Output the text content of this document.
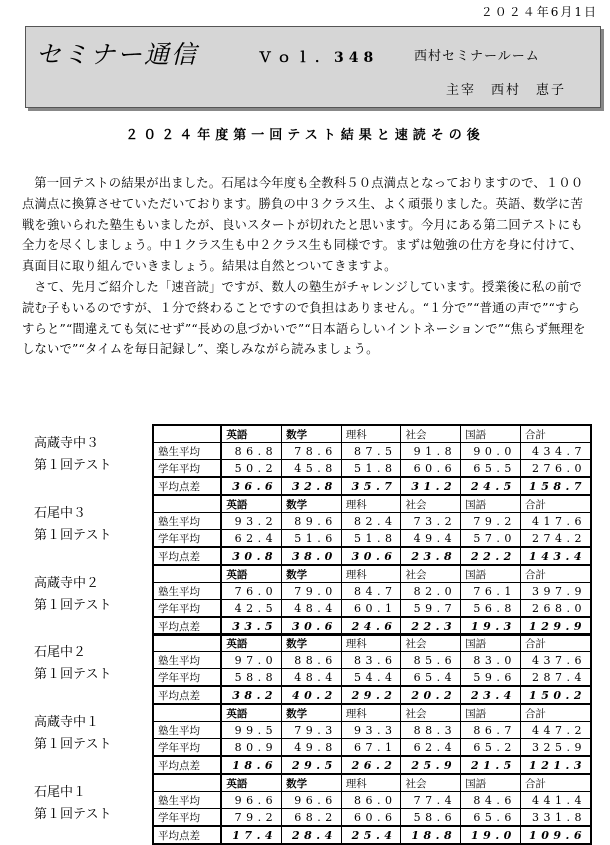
２０２４年6月1日
セミナー通信	Ｖｏｌ．348	西村セミナールーム
主宰　西村　恵子
２０２４年度第一回テスト結果と速読その後

第一回テストの結果が出ました。石尾は今年度も全教科５０点満点となっておりますので、１００点満点に換算させていただいております。勝負の中３クラス生、よく頑張りました。英語、数学に苦戦を強いられた塾生もいましたが、良いスタートが切れたと思います。今月にある第二回テストにも全力を尽くしましょう。中１クラス生も中２クラス生も同様です。まずは勉強の仕方を身に付けて、真面目に取り組んでいきましょう。結果は自然とついてきますよ。

さて、先月ご紹介した「速音読」ですが、数人の塾生がチャレンジしています。授業後に私の前で読む子もいるのですが、１分で終わることですので負担はありません。“１分で”“普通の声で”“すらすらと”“間違えても気にせず”“長めの息づかいで”“日本語らしいイントネーションで”“焦らず無理をしないで”“タイムを毎日記録し”、楽しみながら読みましょう。

高蔵寺中３
第１回テスト
	英語	数学	理科	社会	国語	合計
塾生平均	86.8	78.6	87.5	91.8	90.0	434.7
学年平均	50.2	45.8	51.8	60.6	65.5	276.0
平均点差	36.6	32.8	35.7	31.2	24.5	158.7
石尾中３
第１回テスト
	英語	数学	理科	社会	国語	合計
塾生平均	93.2	89.6	82.4	73.2	79.2	417.6
学年平均	62.4	51.6	51.8	49.4	57.0	274.2
平均点差	30.8	38.0	30.6	23.8	22.2	143.4
高蔵寺中２
第１回テスト
	英語	数学	理科	社会	国語	合計
塾生平均	76.0	79.0	84.7	82.0	76.1	397.9
学年平均	42.5	48.4	60.1	59.7	56.8	268.0
平均点差	33.5	30.6	24.6	22.3	19.3	129.9
石尾中２
第１回テスト
	英語	数学	理科	社会	国語	合計
塾生平均	97.0	88.6	83.6	85.6	83.0	437.6
学年平均	58.8	48.4	54.4	65.4	59.6	287.4
平均点差	38.2	40.2	29.2	20.2	23.4	150.2
高蔵寺中１
第１回テスト
	英語	数学	理科	社会	国語	合計
塾生平均	99.5	79.3	93.3	88.3	86.7	447.2
学年平均	80.9	49.8	67.1	62.4	65.2	325.9
平均点差	18.6	29.5	26.2	25.9	21.5	121.3
石尾中１
第１回テスト
	英語	数学	理科	社会	国語	合計
塾生平均	96.6	96.6	86.0	77.4	84.6	441.4
学年平均	79.2	68.2	60.6	58.6	65.6	331.8
平均点差	17.4	28.4	25.4	18.8	19.0	109.6
